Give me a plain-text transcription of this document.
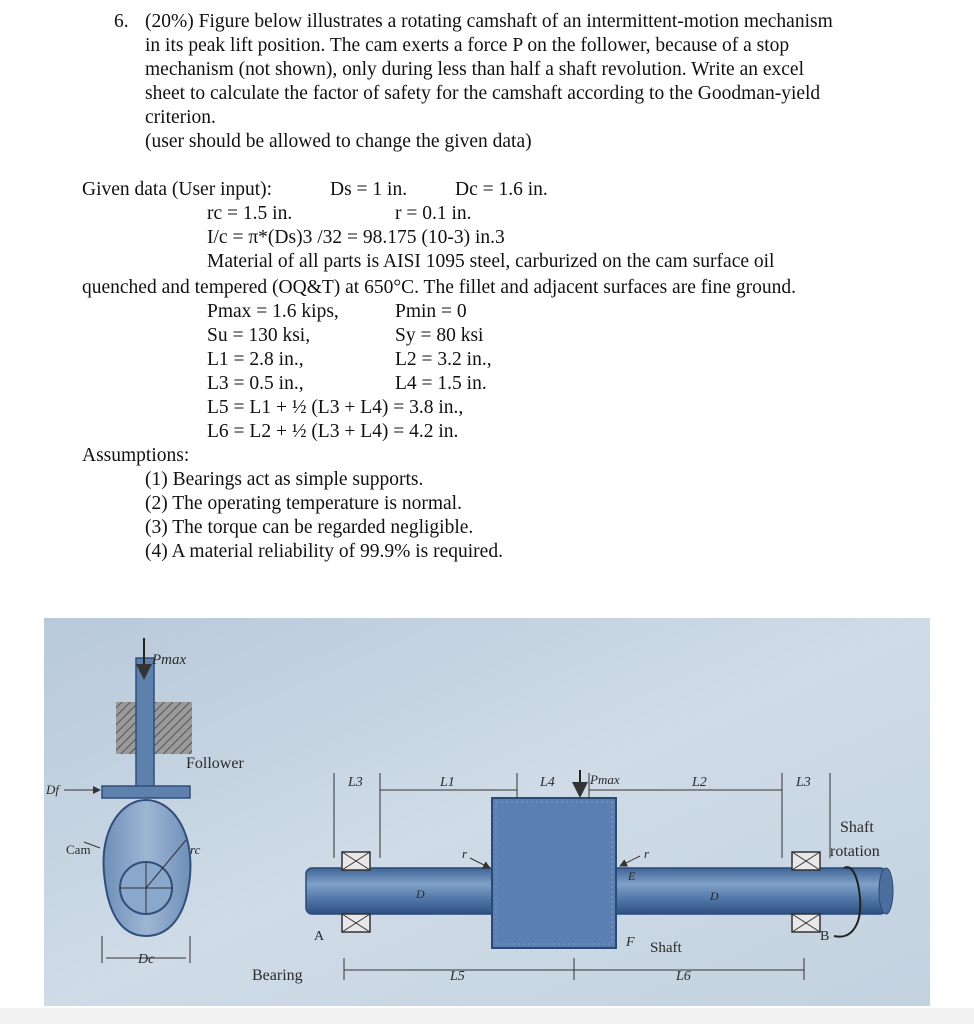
6. (20%) Figure below illustrates a rotating camshaft of an intermittent-motion mechanism
in its peak lift position. The cam exerts a force P on the follower, because of a stop
mechanism (not shown), only during less than half a shaft revolution. Write an excel
sheet to calculate the factor of safety for the camshaft according to the Goodman-yield
criterion.
(user should be allowed to change the given data)
Given data (User input):	Ds = 1 in. Dc = 1.6 in.
rc = 1.5 in.	r = 0.1 in.
I/c = π*(Ds)3 /32 = 98.175 (10-3) in.3
Material of all parts is AISI 1095 steel, carburized on the cam surface oil
quenched and tempered (OQ&T) at 650°C. The fillet and adjacent surfaces are fine ground.
Pmax = 1.6 kips,	Pmin = 0
Su = 130 ksi,	Sy = 80 ksi
L1 = 2.8 in.,	L2 = 3.2 in.,
L3 = 0.5 in.,	L4 = 1.5 in.
L5 = L1 + ½ (L3 + L4) = 3.8 in.,
L6 = L2 + ½ (L3 + L4) = 4.2 in.
Assumptions:
(1) Bearings act as simple supports.
(2) The operating temperature is normal.
(3) The torque can be regarded negligible.
(4) A material reliability of 99.9% is required.
Pmax
Follower
Df
Cam	rc
Dc
L3	L1	L4	Pmax	L2	L3
Shaft
rotation
r	r
E
D	D
A	B
F Shaft
Bearing	L5	L6
